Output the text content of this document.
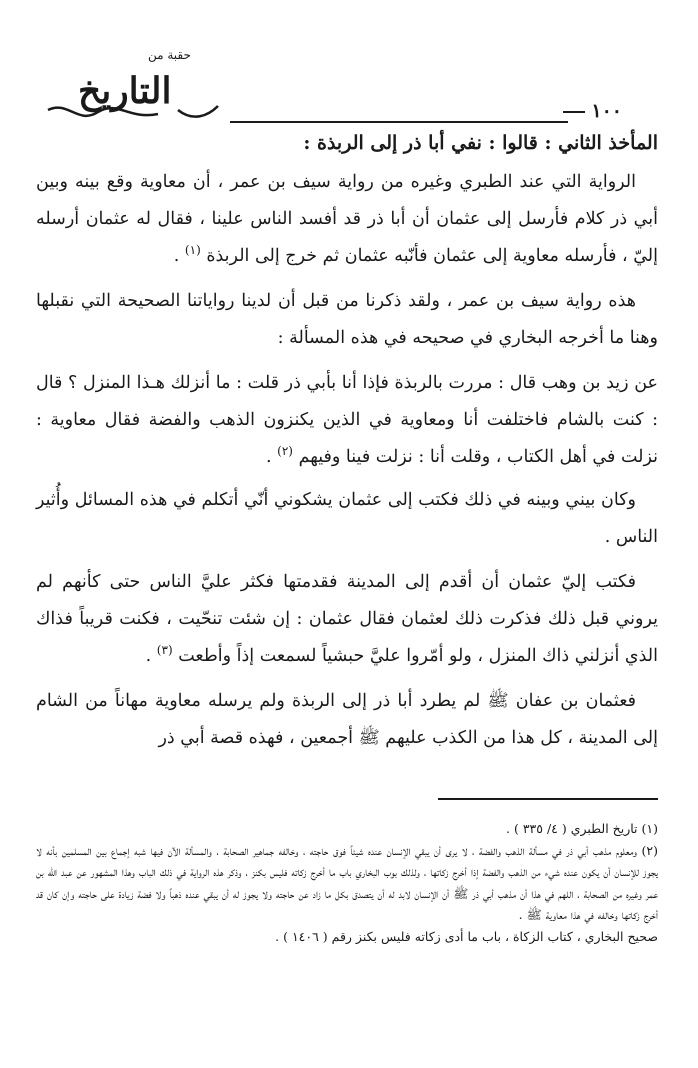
١٠٠
حقبة من
التاريخ

المأخذ الثاني : قالوا : نفي أبا ذر إلى الربذة :

الرواية التي عند الطبري وغيره من رواية سيف بن عمر ، أن معاوية وقع بينه وبين أبي ذر كلام فأرسل إلى عثمان أن أبا ذر قد أفسد الناس علينا ، فقال له عثمان أرسله إليّ ، فأرسله معاوية إلى عثمان فأنّبه عثمان ثم خرج إلى الربذة $^{(١)}$ .

هذه رواية سيف بن عمر ، ولقد ذكرنا من قبل أن لدينا رواياتنا الصحيحة التي نقبلها وهنا ما أخرجه البخاري في صحيحه في هذه المسألة :

عن زيد بن وهب قال : مررت بالربذة فإذا أنا بأبي ذر قلت : ما أنزلك هـذا المنزل ؟ قال : كنت بالشام فاختلفت أنا ومعاوية في الذين يكنزون الذهب والفضة فقال معاوية : نزلت في أهل الكتاب ، وقلت أنا : نزلت فينا وفيهم $^{(٢)}$ .

وكان بيني وبينه في ذلك فكتب إلى عثمان يشكوني أنّي أتكلم في هذه المسائل وأُثير الناس .

فكتب إليّ عثمان أن أقدم إلى المدينة فقدمتها فكثر عليَّ الناس حتى كأنهم لم يروني قبل ذلك فذكرت ذلك لعثمان فقال عثمان : إن شئت تنحّيت ، فكنت قريباً فذاك الذي أنزلني ذاك المنزل ، ولو أمّروا عليَّ حبشياً لسمعت إذاً وأطعت $^{(٣)}$ .

فعثمان بن عفان ﷺ لم يطرد أبا ذر إلى الربذة ولم يرسله معاوية مهاناً من الشام إلى المدينة ، كل هذا من الكذب عليهم ﷺ أجمعين ، فهذه قصة أبي ذر

(١) تاريخ الطبري ( ٤/ ٣٣٥ ) .

(٢) ومعلوم مذهب أبي ذر في مسألة الذهب والفضة ، لا يرى أن يبقي الإنسان عنده شيئاً فوق حاجته ، وخالفه جماهير الصحابة ، والمسألة الآن فيها شبه إجماع بين المسلمين بأنه لا يجوز للإنسان أن يكون عنده شيء من الذهب والفضة إذا أخرج زكاتها ، ولذلك بوب البخاري باب ما أخرج زكاته فليس بكنز ، وذكر هذه الرواية في ذلك الباب وهذا المشهور عن عبد الله بن عمر وغيره من الصحابة ، اللهم في هذا أن مذهب أبي ذر ﷺ أن الإنسان لابد له أن يتصدق بكل ما زاد عن حاجته ولا يجوز له أن يبقي عنده ذهباً ولا فضة زيادة على حاجته وإن كان قد أخرج زكاتها وخالفه في هذا معاوية ﷺ .

صحيح البخاري ، كتاب الزكاة ، باب ما أدى زكاته فليس بكنز رقم ( ١٤٠٦ ) .
